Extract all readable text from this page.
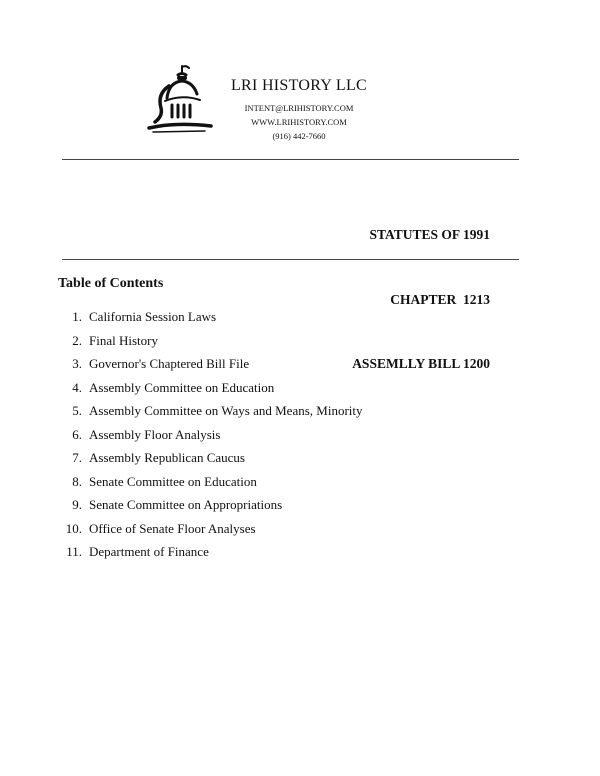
LRI HISTORY LLC
INTENT@LRIHISTORY.COM
WWW.LRIHISTORY.COM
(916) 442-7660

STATUTES OF 1991

CHAPTER  1213

ASSEMLLY BILL 1200

Table of Contents
1. California Session Laws
2. Final History
3. Governor's Chaptered Bill File
4. Assembly Committee on Education
5. Assembly Committee on Ways and Means, Minority
6. Assembly Floor Analysis
7. Assembly Republican Caucus
8. Senate Committee on Education
9. Senate Committee on Appropriations
10. Office of Senate Floor Analyses
11. Department of Finance
